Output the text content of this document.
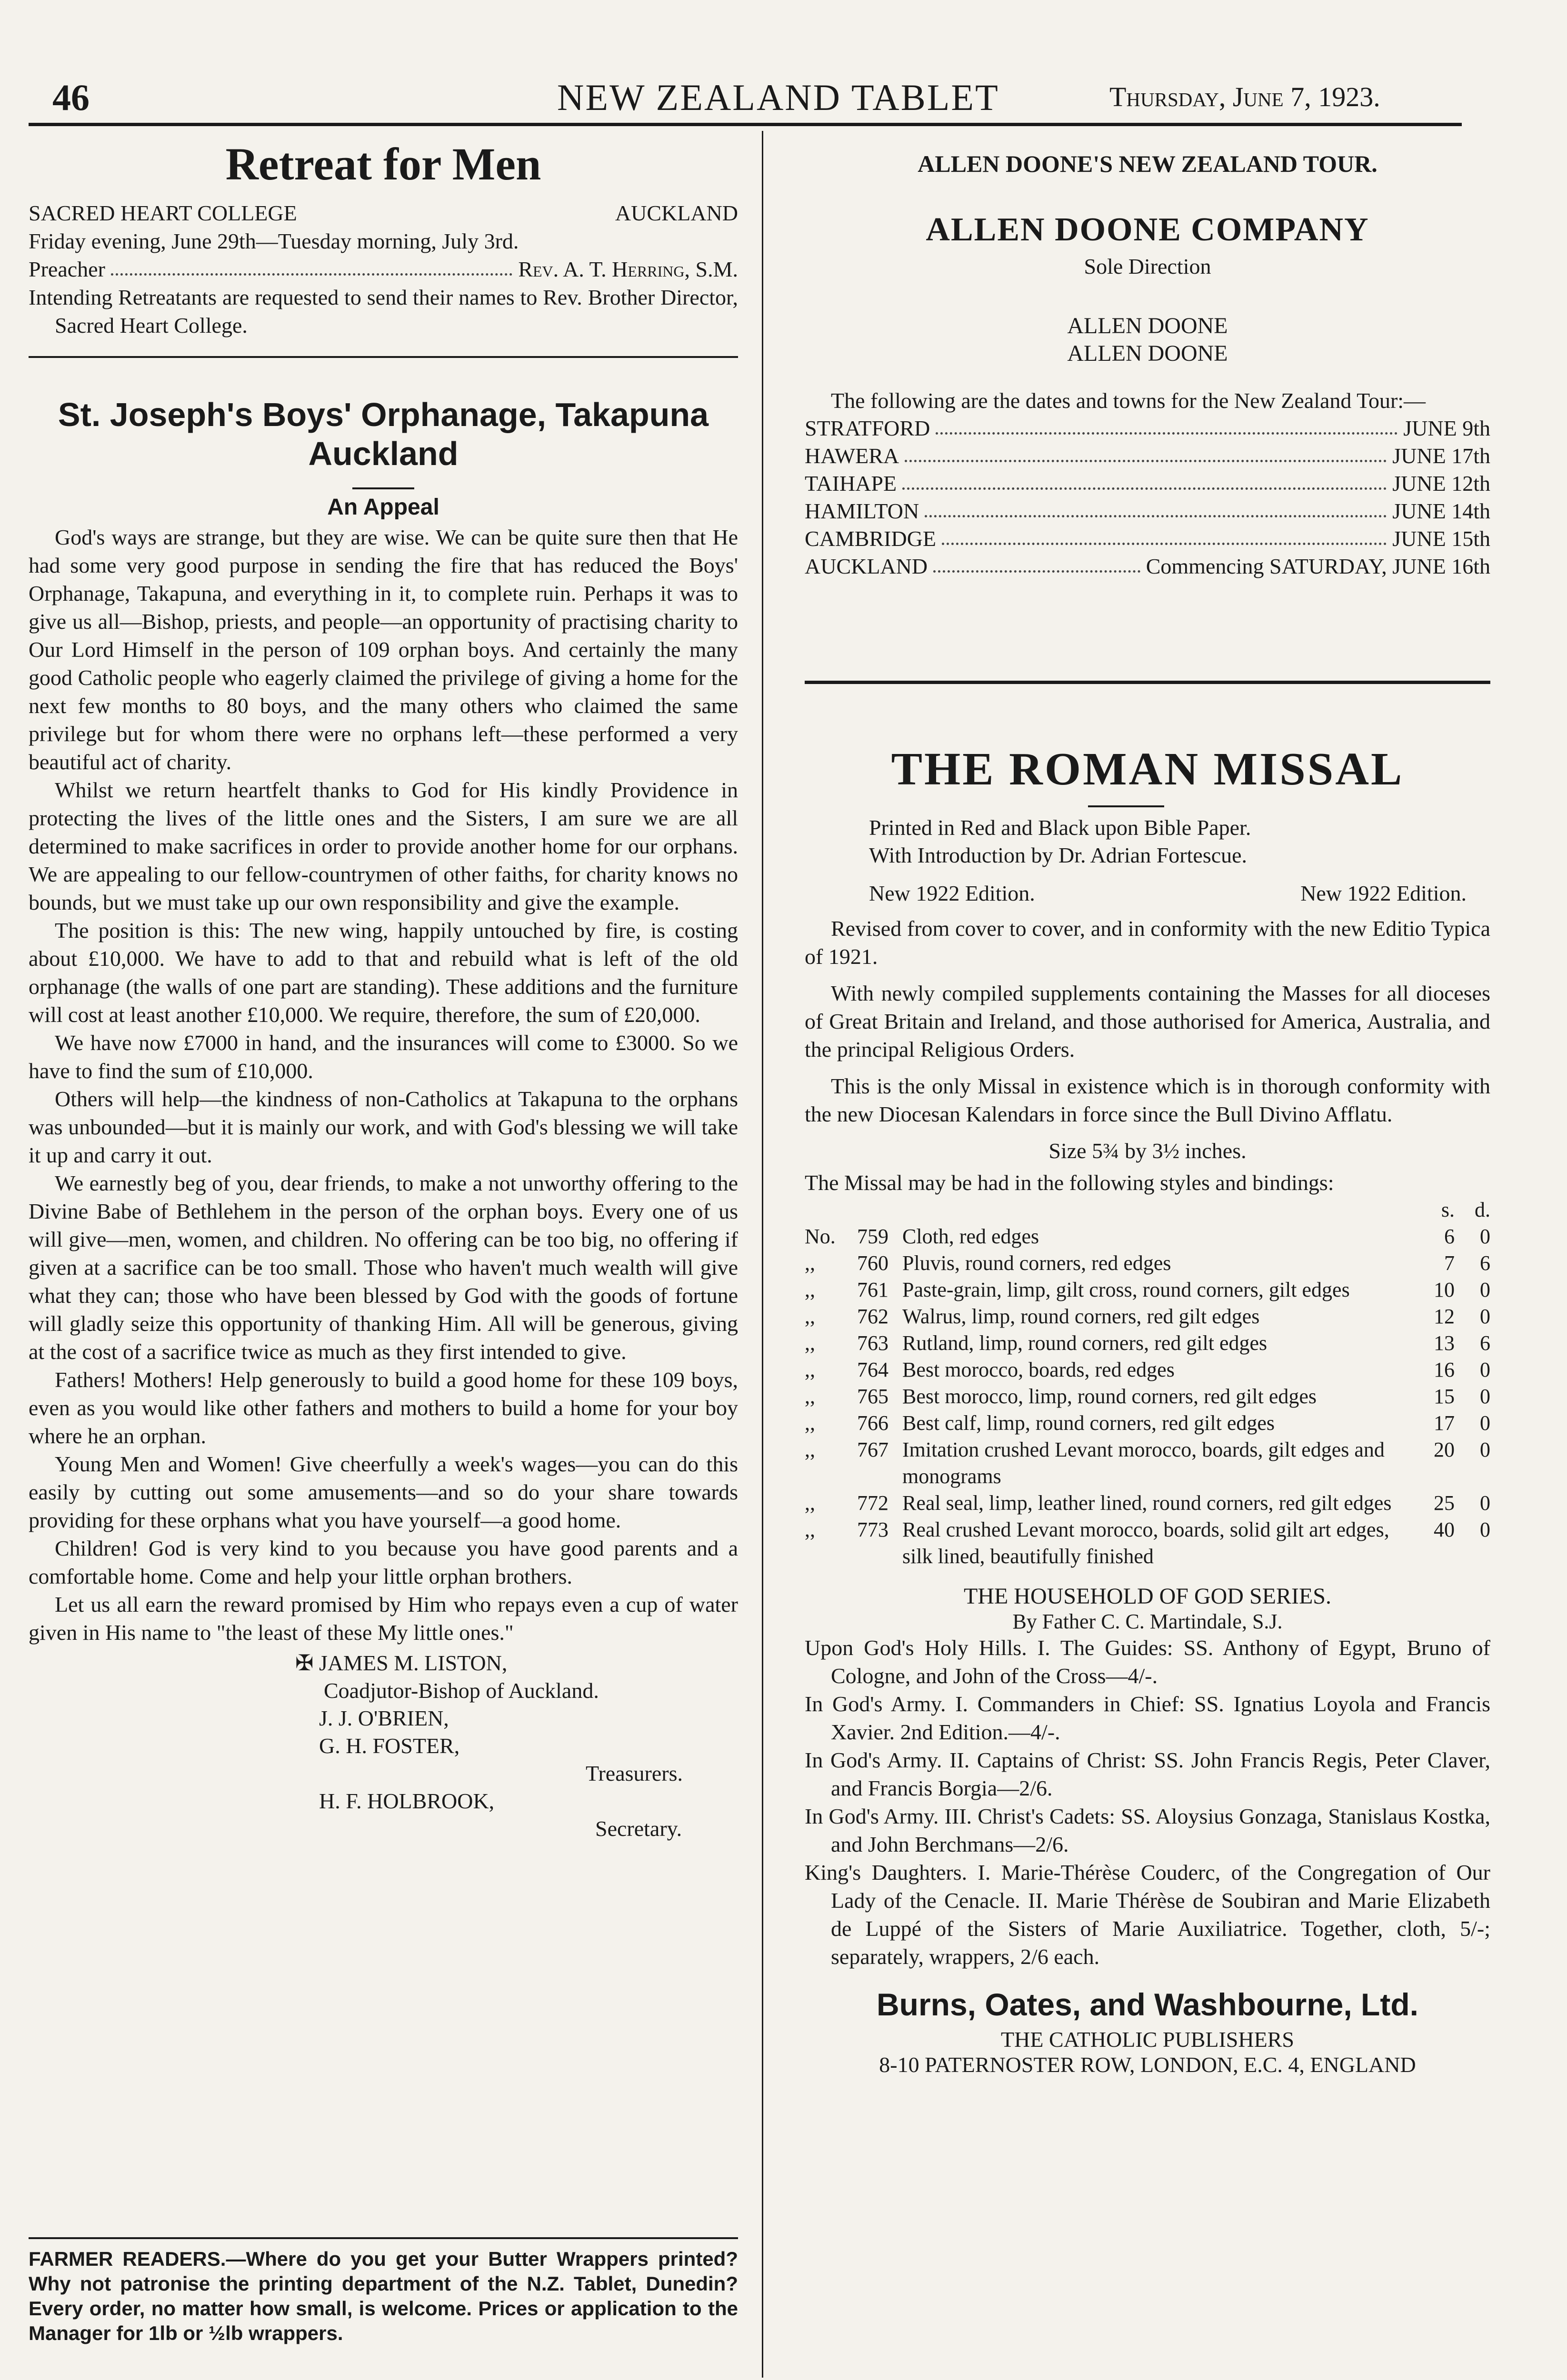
46	NEW ZEALAND TABLET	Thursday, June 7, 1923.
Retreat for Men
SACRED HEART COLLEGE	AUCKLAND

Friday evening, June 29th—Tuesday morning, July 3rd.

Preacher	Rev. A. T. Herring, S.M.

Intending Retreatants are requested to send their names to Rev. Brother Director, Sacred Heart College.

St. Joseph's Boys' Orphanage, Takapuna Auckland
An Appeal

God's ways are strange, but they are wise. We can be quite sure then that He had some very good purpose in sending the fire that has reduced the Boys' Orphanage, Takapuna, and everything in it, to complete ruin. Perhaps it was to give us all—Bishop, priests, and people—an opportunity of practising charity to Our Lord Himself in the person of 109 orphan boys. And certainly the many good Catholic people who eagerly claimed the privilege of giving a home for the next few months to 80 boys, and the many others who claimed the same privilege but for whom there were no orphans left—these performed a very beautiful act of charity.

Whilst we return heartfelt thanks to God for His kindly Providence in protecting the lives of the little ones and the Sisters, I am sure we are all determined to make sacrifices in order to provide another home for our orphans. We are appealing to our fellow-countrymen of other faiths, for charity knows no bounds, but we must take up our own responsibility and give the example.

The position is this: The new wing, happily untouched by fire, is costing about £10,000. We have to add to that and rebuild what is left of the old orphanage (the walls of one part are standing). These additions and the furniture will cost at least another £10,000. We require, therefore, the sum of £20,000.

We have now £7000 in hand, and the insurances will come to £3000. So we have to find the sum of £10,000.

Others will help—the kindness of non-Catholics at Takapuna to the orphans was unbounded—but it is mainly our work, and with God's blessing we will take it up and carry it out.

We earnestly beg of you, dear friends, to make a not unworthy offering to the Divine Babe of Bethlehem in the person of the orphan boys. Every one of us will give—men, women, and children. No offering can be too big, no offering if given at a sacrifice can be too small. Those who haven't much wealth will give what they can; those who have been blessed by God with the goods of fortune will gladly seize this opportunity of thanking Him. All will be generous, giving at the cost of a sacrifice twice as much as they first intended to give.

Fathers! Mothers! Help generously to build a good home for these 109 boys, even as you would like other fathers and mothers to build a home for your boy where he an orphan.

Young Men and Women! Give cheerfully a week's wages—you can do this easily by cutting out some amusements—and so do your share towards providing for these orphans what you have yourself—a good home.

Children! God is very kind to you because you have good parents and a comfortable home. Come and help your little orphan brothers.

Let us all earn the reward promised by Him who repays even a cup of water given in His name to "the least of these My little ones."

✠ JAMES M. LISTON,
Coadjutor-Bishop of Auckland.
J. J. O'BRIEN,
G. H. FOSTER,
Treasurers.
H. F. HOLBROOK,
Secretary.

FARMER READERS.—Where do you get your Butter Wrappers printed? Why not patronise the printing department of the N.Z. Tablet, Dunedin? Every order, no matter how small, is welcome. Prices or application to the Manager for 1lb or ½lb wrappers.

ALLEN DOONE'S NEW ZEALAND TOUR.
ALLEN DOONE COMPANY
Sole Direction
ALLEN DOONE
ALLEN DOONE

The following are the dates and towns for the New Zealand Tour:—

STRATFORD	JUNE 9th
HAWERA	JUNE 17th
TAIHAPE	JUNE 12th
HAMILTON	JUNE 14th
CAMBRIDGE	JUNE 15th
AUCKLAND	Commencing SATURDAY, JUNE 16th
THE ROMAN MISSAL
Printed in Red and Black upon Bible Paper.
With Introduction by Dr. Adrian Fortescue.
New 1922 Edition.	New 1922 Edition.

Revised from cover to cover, and in conformity with the new Editio Typica of 1921.

With newly compiled supplements containing the Masses for all dioceses of Great Britain and Ireland, and those authorised for America, Australia, and the principal Religious Orders.

This is the only Missal in existence which is in thorough conformity with the new Diocesan Kalendars in force since the Bull Divino Afflatu.

Size 5¾ by 3½ inches.
The Missal may be had in the following styles and bindings:
			s.	d.
No.	759	Cloth, red edges	6	0
,,	760	Pluvis, round corners, red edges	7	6
,,	761	Paste-grain, limp, gilt cross, round corners, gilt edges	10	0
,,	762	Walrus, limp, round corners, red gilt edges	12	0
,,	763	Rutland, limp, round corners, red gilt edges	13	6
,,	764	Best morocco, boards, red edges	16	0
,,	765	Best morocco, limp, round corners, red gilt edges	15	0
,,	766	Best calf, limp, round corners, red gilt edges	17	0
,,	767	Imitation crushed Levant morocco, boards, gilt edges and monograms	20	0
,,	772	Real seal, limp, leather lined, round corners, red gilt edges	25	0
,,	773	Real crushed Levant morocco, boards, solid gilt art edges, silk lined, beautifully finished	40	0
THE HOUSEHOLD OF GOD SERIES.
By Father C. C. Martindale, S.J.

Upon God's Holy Hills. I. The Guides: SS. Anthony of Egypt, Bruno of Cologne, and John of the Cross—4/-.

In God's Army. I. Commanders in Chief: SS. Ignatius Loyola and Francis Xavier. 2nd Edition.—4/-.

In God's Army. II. Captains of Christ: SS. John Francis Regis, Peter Claver, and Francis Borgia—2/6.

In God's Army. III. Christ's Cadets: SS. Aloysius Gonzaga, Stanislaus Kostka, and John Berchmans—2/6.

King's Daughters. I. Marie-Thérèse Couderc, of the Congregation of Our Lady of the Cenacle. II. Marie Thérèse de Soubiran and Marie Elizabeth de Luppé of the Sisters of Marie Auxiliatrice. Together, cloth, 5/-; separately, wrappers, 2/6 each.

Burns, Oates, and Washbourne, Ltd.
THE CATHOLIC PUBLISHERS
8-10 PATERNOSTER ROW, LONDON, E.C. 4, ENGLAND
